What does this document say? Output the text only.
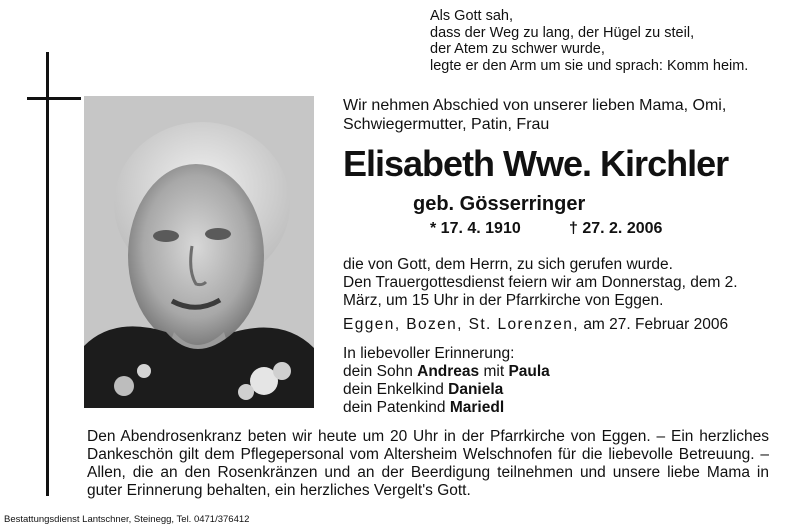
Als Gott sah,
dass der Weg zu lang, der Hügel zu steil,
der Atem zu schwer wurde,
legte er den Arm um sie und sprach: Komm heim.
Wir nehmen Abschied von unserer lieben Mama, Omi,
Schwiegermutter, Patin, Frau
Elisabeth Wwe. Kirchler
geb. Gösserringer
* 17. 4. 1910	† 27. 2. 2006

die von Gott, dem Herrn, zu sich gerufen wurde.

Den Trauergottesdienst feiern wir am Donnerstag, dem 2. März, um 15 Uhr in der Pfarrkirche von Eggen.

Eggen, Bozen, St. Lorenzen, am 27. Februar 2006
In liebevoller Erinnerung:
dein Sohn Andreas mit Paula
dein Enkelkind Daniela
dein Patenkind Mariedl
Den Abendrosenkranz beten wir heute um 20 Uhr in der Pfarrkirche von Eggen. – Ein herzliches Dankeschön gilt dem Pflegepersonal vom Altersheim Welschnofen für die liebevolle Betreuung. – Allen, die an den Rosenkränzen und an der Beerdigung teilnehmen und unsere liebe Mama in guter Erinnerung behalten, ein herzliches Vergelt's Gott.
Bestattungsdienst Lantschner, Steinegg, Tel. 0471/376412
